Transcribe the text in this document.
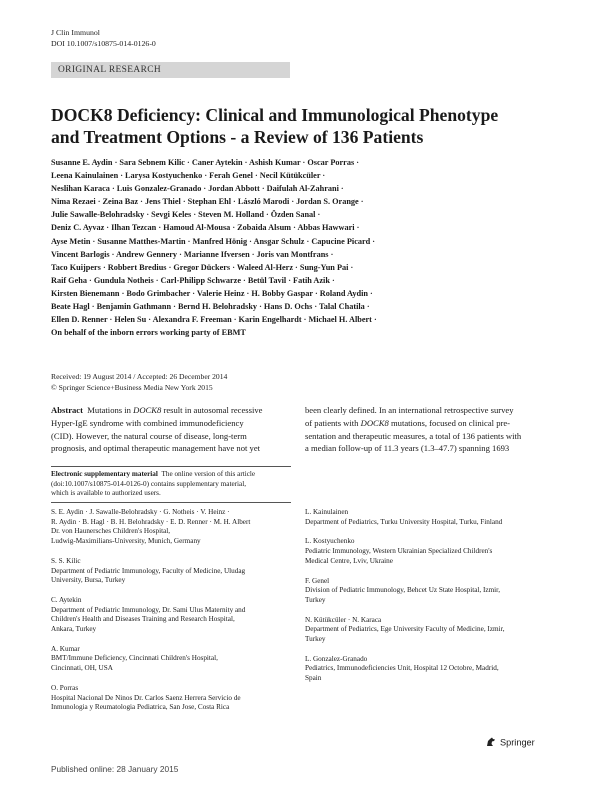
J Clin Immunol
DOI 10.1007/s10875-014-0126-0
ORIGINAL RESEARCH
DOCK8 Deficiency: Clinical and Immunological Phenotype
and Treatment Options - a Review of 136 Patients
Susanne E. Aydin · Sara Sebnem Kilic · Caner Aytekin · Ashish Kumar · Oscar Porras ·
Leena Kainulainen · Larysa Kostyuchenko · Ferah Genel · Necil Kütükcüler ·
Neslihan Karaca · Luis Gonzalez-Granado · Jordan Abbott · Daifulah Al-Zahrani ·
Nima Rezaei · Zeina Baz · Jens Thiel · Stephan Ehl · László Marodi · Jordan S. Orange ·
Julie Sawalle-Belohradsky · Sevgi Keles · Steven M. Holland · Özden Sanal ·
Deniz C. Ayvaz · Ilhan Tezcan · Hamoud Al-Mousa · Zobaida Alsum · Abbas Hawwari ·
Ayse Metin · Susanne Matthes-Martin · Manfred Hönig · Ansgar Schulz · Capucine Picard ·
Vincent Barlogis · Andrew Gennery · Marianne Ifversen · Joris van Montfrans ·
Taco Kuijpers · Robbert Bredius · Gregor Dückers · Waleed Al-Herz · Sung-Yun Pai ·
Raif Geha · Gundula Notheis · Carl-Philipp Schwarze · Betül Tavil · Fatih Azik ·
Kirsten Bienemann · Bodo Grimbacher · Valerie Heinz · H. Bobby Gaspar · Roland Aydin ·
Beate Hagl · Benjamin Gathmann · Bernd H. Belohradsky · Hans D. Ochs · Talal Chatila ·
Ellen D. Renner · Helen Su · Alexandra F. Freeman · Karin Engelhardt · Michael H. Albert ·
On behalf of the inborn errors working party of EBMT
Received: 19 August 2014 / Accepted: 26 December 2014
© Springer Science+Business Media New York 2015
Abstract Mutations in DOCK8 result in autosomal recessive
Hyper-IgE syndrome with combined immunodeficiency
(CID). However, the natural course of disease, long-term
prognosis, and optimal therapeutic management have not yet
been clearly defined. In an international retrospective survey
of patients with DOCK8 mutations, focused on clinical pre-
sentation and therapeutic measures, a total of 136 patients with
a median follow-up of 11.3 years (1.3–47.7) spanning 1693
Electronic supplementary material The online version of this article
(doi:10.1007/s10875-014-0126-0) contains supplementary material,
which is available to authorized users.
S. E. Aydin · J. Sawalle-Belohradsky · G. Notheis · V. Heinz ·
R. Aydin · B. Hagl · B. H. Belohradsky · E. D. Renner · M. H. Albert
Dr. von Haunersches Children's Hospital,
Ludwig-Maximilians-University, Munich, Germany
S. S. Kilic
Department of Pediatric Immunology, Faculty of Medicine, Uludag
University, Bursa, Turkey
C. Aytekin
Department of Pediatric Immunology, Dr. Sami Ulus Maternity and
Children's Health and Diseases Training and Research Hospital,
Ankara, Turkey
A. Kumar
BMT/Immune Deficiency, Cincinnati Children's Hospital,
Cincinnati, OH, USA
O. Porras
Hospital Nacional De Ninos Dr. Carlos Saenz Herrera Servicio de
Inmunologia y Reumatologia Pediatrica, San Jose, Costa Rica
L. Kainulainen
Department of Pediatrics, Turku University Hospital, Turku, Finland
L. Kostyuchenko
Pediatric Immunology, Western Ukrainian Specialized Children's
Medical Centre, Lviv, Ukraine
F. Genel
Division of Pediatric Immunology, Behcet Uz State Hospital, Izmir,
Turkey
N. Kütükcüler · N. Karaca
Department of Pediatrics, Ege University Faculty of Medicine, Izmir,
Turkey
L. Gonzalez-Granado
Pediatrics, Immunodeficiencies Unit, Hospital 12 Octobre, Madrid,
Spain
Springer
Published online: 28 January 2015
